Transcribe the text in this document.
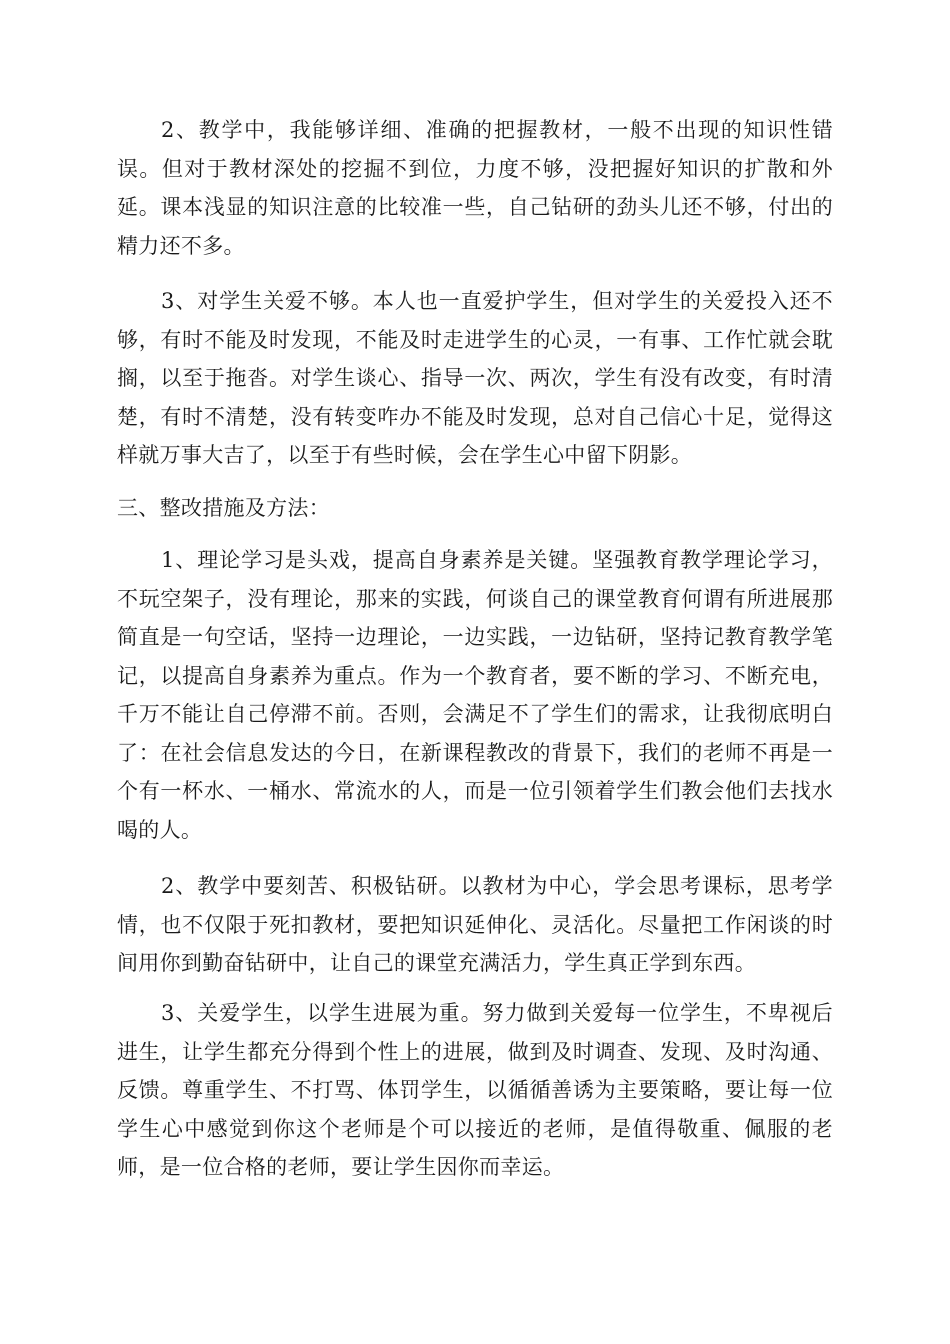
2、教学中，我能够详细、准确的把握教材，一般不出现的知识性错误。但对于教材深处的挖掘不到位，力度不够，没把握好知识的扩散和外延。课本浅显的知识注意的比较准一些，自己钻研的劲头儿还不够，付出的精力还不多。

3、对学生关爱不够。本人也一直爱护学生，但对学生的关爱投入还不够，有时不能及时发现，不能及时走进学生的心灵，一有事、工作忙就会耽搁，以至于拖沓。对学生谈心、指导一次、两次，学生有没有改变，有时清楚，有时不清楚，没有转变咋办不能及时发现，总对自己信心十足，觉得这样就万事大吉了，以至于有些时候，会在学生心中留下阴影。

三、整改措施及方法：

1、理论学习是头戏，提高自身素养是关键。坚强教育教学理论学习，不玩空架子，没有理论，那来的实践，何谈自己的课堂教育何谓有所进展那简直是一句空话，坚持一边理论，一边实践，一边钻研，坚持记教育教学笔记，以提高自身素养为重点。作为一个教育者，要不断的学习、不断充电，千万不能让自己停滞不前。否则，会满足不了学生们的需求，让我彻底明白了：在社会信息发达的今日，在新课程教改的背景下，我们的老师不再是一个有一杯水、一桶水、常流水的人，而是一位引领着学生们教会他们去找水喝的人。

2、教学中要刻苦、积极钻研。以教材为中心，学会思考课标，思考学情，也不仅限于死扣教材，要把知识延伸化、灵活化。尽量把工作闲谈的时间用你到勤奋钻研中，让自己的课堂充满活力，学生真正学到东西。

3、关爱学生，以学生进展为重。努力做到关爱每一位学生，不卑视后进生，让学生都充分得到个性上的进展，做到及时调查、发现、及时沟通、反馈。尊重学生、不打骂、体罚学生，以循循善诱为主要策略，要让每一位学生心中感觉到你这个老师是个可以接近的老师，是值得敬重、佩服的老师，是一位合格的老师，要让学生因你而幸运。
